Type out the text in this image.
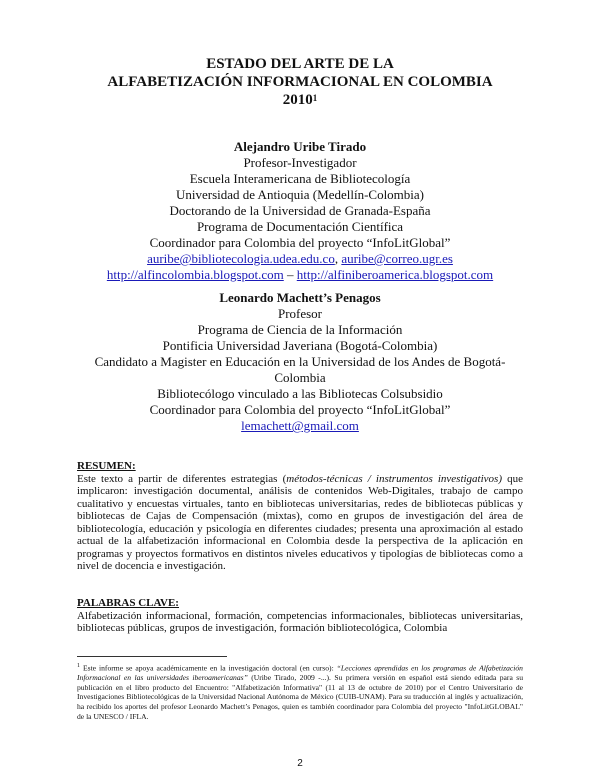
ESTADO DEL ARTE DE LA
ALFABETIZACIÓN INFORMACIONAL EN COLOMBIA
2010$^1$
Alejandro Uribe Tirado
Profesor-Investigador
Escuela Interamericana de Bibliotecología
Universidad de Antioquia (Medellín-Colombia)
Doctorando de la Universidad de Granada-España
Programa de Documentación Científica
Coordinador para Colombia del proyecto “InfoLitGlobal”
auribe@bibliotecologia.udea.edu.co, auribe@correo.ugr.es
http://alfincolombia.blogspot.com – http://alfiniberoamerica.blogspot.com
Leonardo Machett’s Penagos
Profesor
Programa de Ciencia de la Información
Pontificia Universidad Javeriana (Bogotá-Colombia)
Candidato a Magister en Educación en la Universidad de los Andes de Bogotá-
Colombia
Bibliotecólogo vinculado a las Bibliotecas Colsubsidio
Coordinador para Colombia del proyecto “InfoLitGlobal”
lemachett@gmail.com
RESUMEN:
Este texto a partir de diferentes estrategias (métodos-técnicas / instrumentos investigativos) que implicaron: investigación documental, análisis de contenidos Web-Digitales, trabajo de campo cualitativo y encuestas virtuales, tanto en bibliotecas universitarias, redes de bibliotecas públicas y bibliotecas de Cajas de Compensación (mixtas), como en grupos de investigación del área de bibliotecología, educación y psicología en diferentes ciudades; presenta una aproximación al estado actual de la alfabetización informacional en Colombia desde la perspectiva de la aplicación en programas y proyectos formativos en distintos niveles educativos y tipologías de bibliotecas como a nivel de docencia e investigación.
PALABRAS CLAVE:
Alfabetización informacional, formación, competencias informacionales, bibliotecas universitarias, bibliotecas públicas, grupos de investigación, formación bibliotecológica, Colombia
$^1$ Este informe se apoya académicamente en la investigación doctoral (en curso): “Lecciones aprendidas en los programas de Alfabetización Informacional en las universidades iberoamericanas” (Uribe Tirado, 2009 -...). Su primera versión en español está siendo editada para su publicación en el libro producto del Encuentro: "Alfabetización Informativa" (11 al 13 de octubre de 2010) por el Centro Universitario de Investigaciones Bibliotecológicas de la Universidad Nacional Autónoma de México (CUIB-UNAM). Para su traducción al inglés y actualización, ha recibido los aportes del profesor Leonardo Machett’s Penagos, quien es también coordinador para Colombia del proyecto "InfoLitGLOBAL" de la UNESCO / IFLA.
2
